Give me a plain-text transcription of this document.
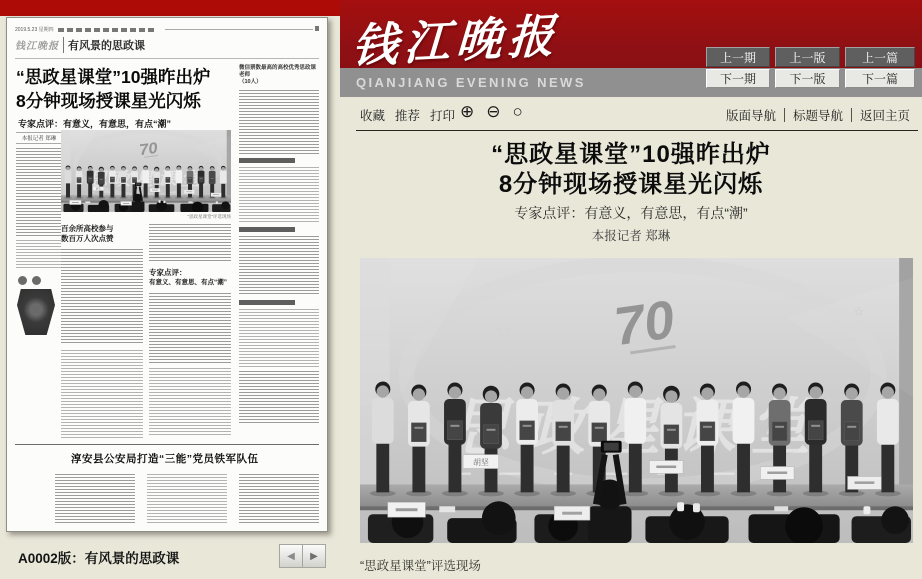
钱江晚报
QIANJIANG EVENING NEWS
上一期	上一版	上一篇
下一期	下一版	下一篇
收藏 推荐 打印 ⊕ ⊖ ○	版面导航 标题导航 返回主页
“思政星课堂”10强昨出炉
8分钟现场授课星光闪烁
专家点评：有意义，有意思，有点“潮”
本报记者 郑琳
“思政星课堂”评选现场
2019.5.23 星期四
钱江晚报 有风景的思政课
“思政星课堂”10强昨出炉
8分钟现场授课星光闪烁
专家点评：有意义，有意思，有点“潮”
本报记者 郑琳
“思政星课堂”评选现场
百余所高校参与
数百万人次点赞
专家点评：
有意义、有意思、有点“潮”
微信票数最高的高校优秀思政课老师
（10人）
淳安县公安局打造“三能”党员铁军队伍
A0002版：有风景的思政课	◀	▶
